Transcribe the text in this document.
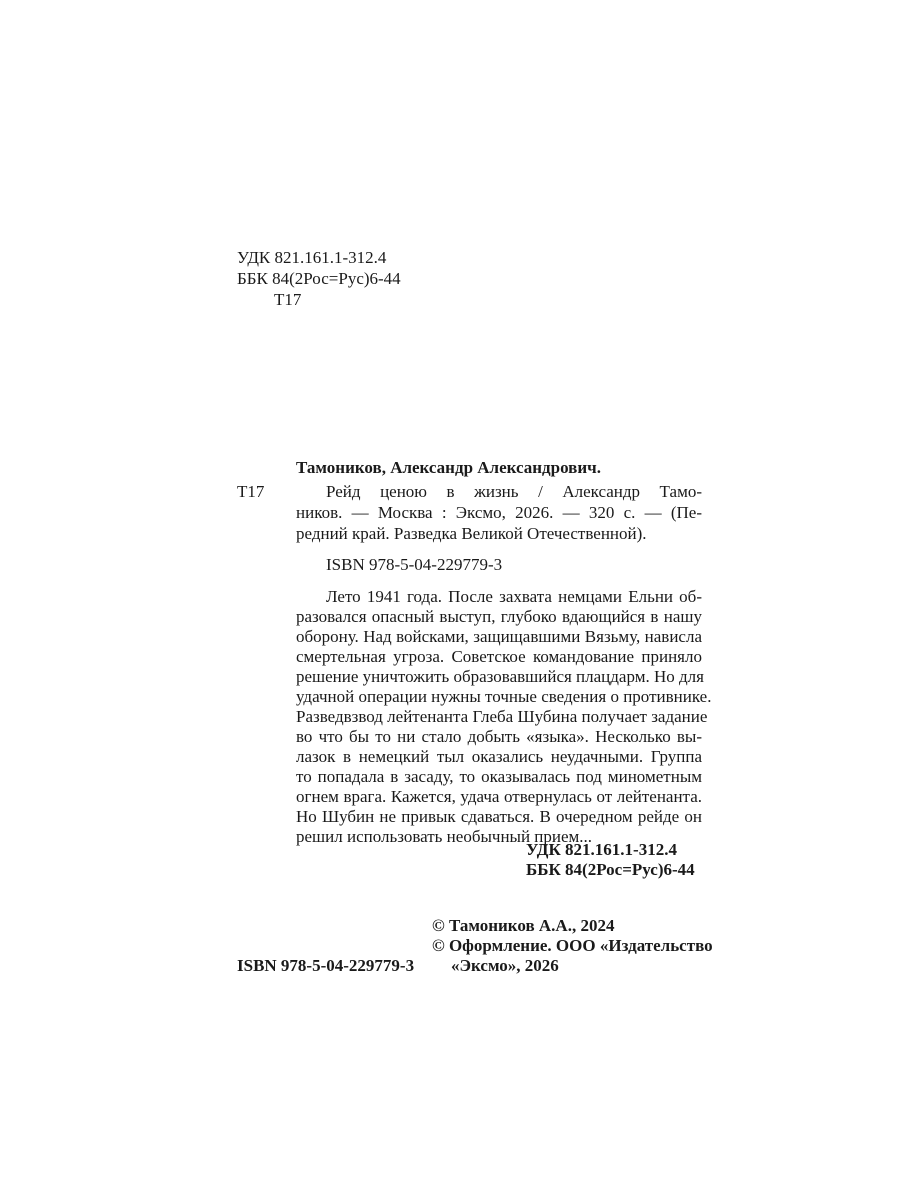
УДК 821.161.1-312.4
ББК 84(2Рос=Рус)6-44
Т17
Тамоников, Александр Александрович.
Т17	Рейд ценою в жизнь / Александр Тамо-
ников. — Москва : Эксмо, 2026. — 320 с. — (Пе-
редний край. Разведка Великой Отечественной).
ISBN 978-5-04-229779-3
Лето 1941 года. После захвата немцами Ельни об-
разовался опасный выступ, глубоко вдающийся в нашу
оборону. Над войсками, защищавшими Вязьму, нависла
смертельная угроза. Советское командование приняло
решение уничтожить образовавшийся плацдарм. Но для
удачной операции нужны точные сведения о противнике.
Разведвзвод лейтенанта Глеба Шубина получает задание
во что бы то ни стало добыть «языка». Несколько вы-
лазок в немецкий тыл оказались неудачными. Группа
то попадала в засаду, то оказывалась под минометным
огнем врага. Кажется, удача отвернулась от лейтенанта.
Но Шубин не привык сдаваться. В очередном рейде он
решил использовать необычный прием...
УДК 821.161.1-312.4
ББК 84(2Рос=Рус)6-44
© Тамоников А.А., 2024
© Оформление. ООО «Издательство
«Эксмо», 2026
ISBN 978-5-04-229779-3
